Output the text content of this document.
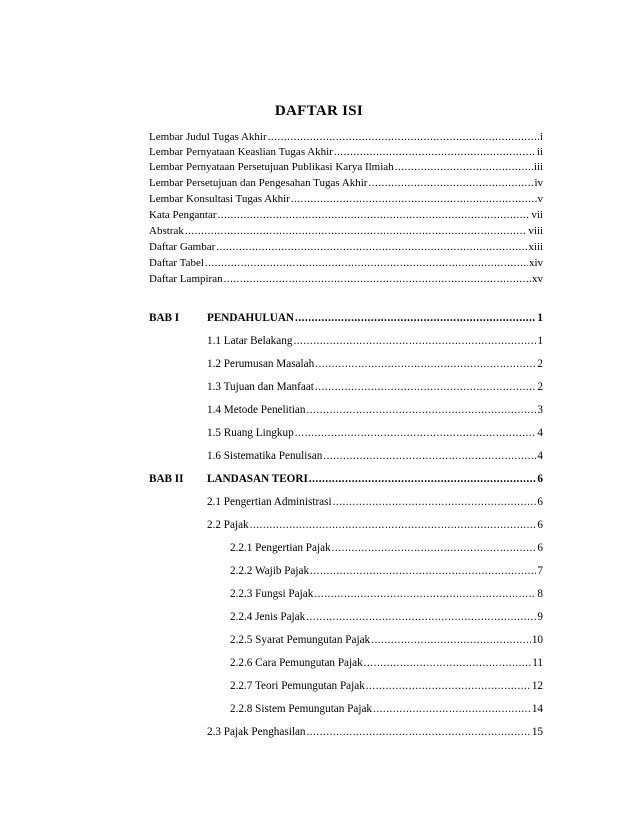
DAFTAR ISI
Lembar Judul Tugas Akhir .....	i
Lembar Pernyataan Keaslian Tugas Akhir .....	ii
Lembar Pernyataan Persetujuan Publikasi Karya Ilmiah .....	iii
Lembar Persetujuan dan Pengesahan Tugas Akhir .....	iv
Lembar Konsultasi Tugas Akhir .....	v
Kata Pengantar .....	vii
Abstrak .....	viii
Daftar Gambar .....	xiii
Daftar Tabel .....	xiv
Daftar Lampiran .....	xv
BAB I PENDAHULUAN .....	1
1.1 Latar Belakang .....	1
1.2 Perumusan Masalah .....	2
1.3 Tujuan dan Manfaat .....	2
1.4 Metode Penelitian .....	3
1.5 Ruang Lingkup .....	4
1.6 Sistematika Penulisan .....	4
BAB II LANDASAN TEORI .....	6
2.1 Pengertian Administrasi .....	6
2.2 Pajak .....	6
2.2.1 Pengertian Pajak .....	6
2.2.2 Wajib Pajak .....	7
2.2.3 Fungsi Pajak .....	8
2.2.4 Jenis Pajak .....	9
2.2.5 Syarat Pemungutan Pajak .....	10
2.2.6 Cara Pemungutan Pajak .....	11
2.2.7 Teori Pemungutan Pajak .....	12
2.2.8 Sistem Pemungutan Pajak .....	14
2.3 Pajak Penghasilan .....	15
